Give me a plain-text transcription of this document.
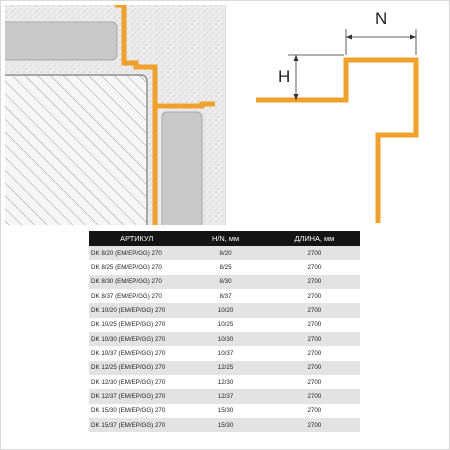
H
N
АРТИКУЛ	H/N, мм	ДЛИНА, мм
DK 8/20 (EM/EP/GG) 270	8/20	2700
DK 8/25 (EM/EP/GG) 270	8/25	2700
DK 8/30 (EM/EP/GG) 270	8/30	2700
DK 8/37 (EM/EP/GG) 270	8/37	2700
DK 10/20 (EM/EP/GG) 270	10/20	2700
DK 10/25 (EM/EP/GG) 270	10/25	2700
DK 10/30 (EM/EP/GG) 270	10/30	2700
DK 10/37 (EM/EP/GG) 270	10/37	2700
DK 12/25 (EM/EP/GG) 270	12/25	2700
DK 12/30 (EM/EP/GG) 270	12/30	2700
DK 12/37 (EM/EP/GG) 270	12/37	2700
DK 15/30 (EM/EP/GG) 270	15/30	2700
DK 15/37 (EM/EP/GG) 270	15/30	2700
